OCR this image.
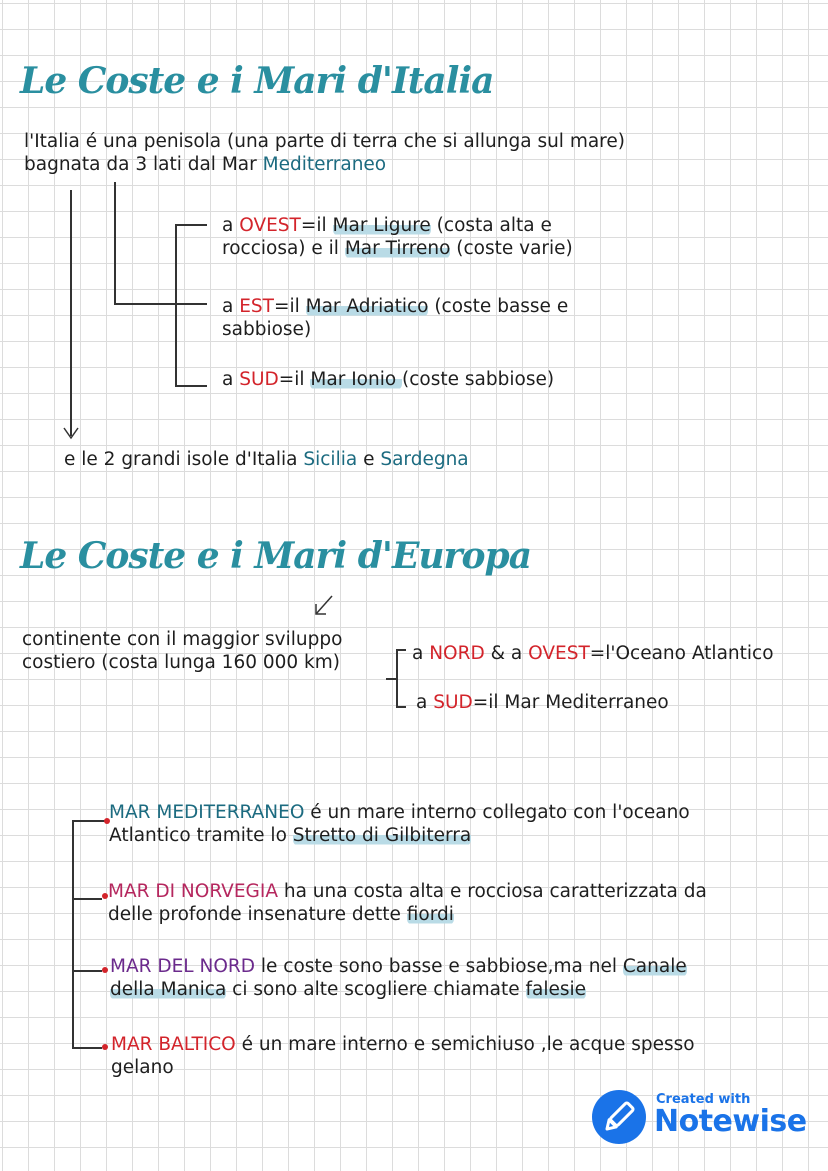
Le Coste e i Mari d'Italia
l'Italia é una penisola (una parte di terra che si allunga sul mare)
bagnata da 3 lati dal Mar Mediterraneo
a OVEST=il Mar Ligure (costa alta e
rocciosa) e il Mar Tirreno (coste varie)
a EST=il Mar Adriatico (coste basse e
sabbiose)
a SUD=il Mar Ionio (coste sabbiose)
e le 2 grandi isole d'Italia Sicilia e Sardegna
Le Coste e i Mari d'Europa
continente con il maggior sviluppo
costiero (costa lunga 160 000 km)	a NORD & a OVEST=l'Oceano Atlantico
a SUD=il Mar Mediterraneo
MAR MEDITERRANEO é un mare interno collegato con l'oceano
Atlantico tramite lo Stretto di Gilbiterra
MAR DI NORVEGIA ha una costa alta e rocciosa caratterizzata da
delle profonde insenature dette fiordi
MAR DEL NORD le coste sono basse e sabbiose,ma nel Canale
della Manica ci sono alte scogliere chiamate falesie
MAR BALTICO é un mare interno e semichiuso ,le acque spesso
gelano
Created with
Notewise
